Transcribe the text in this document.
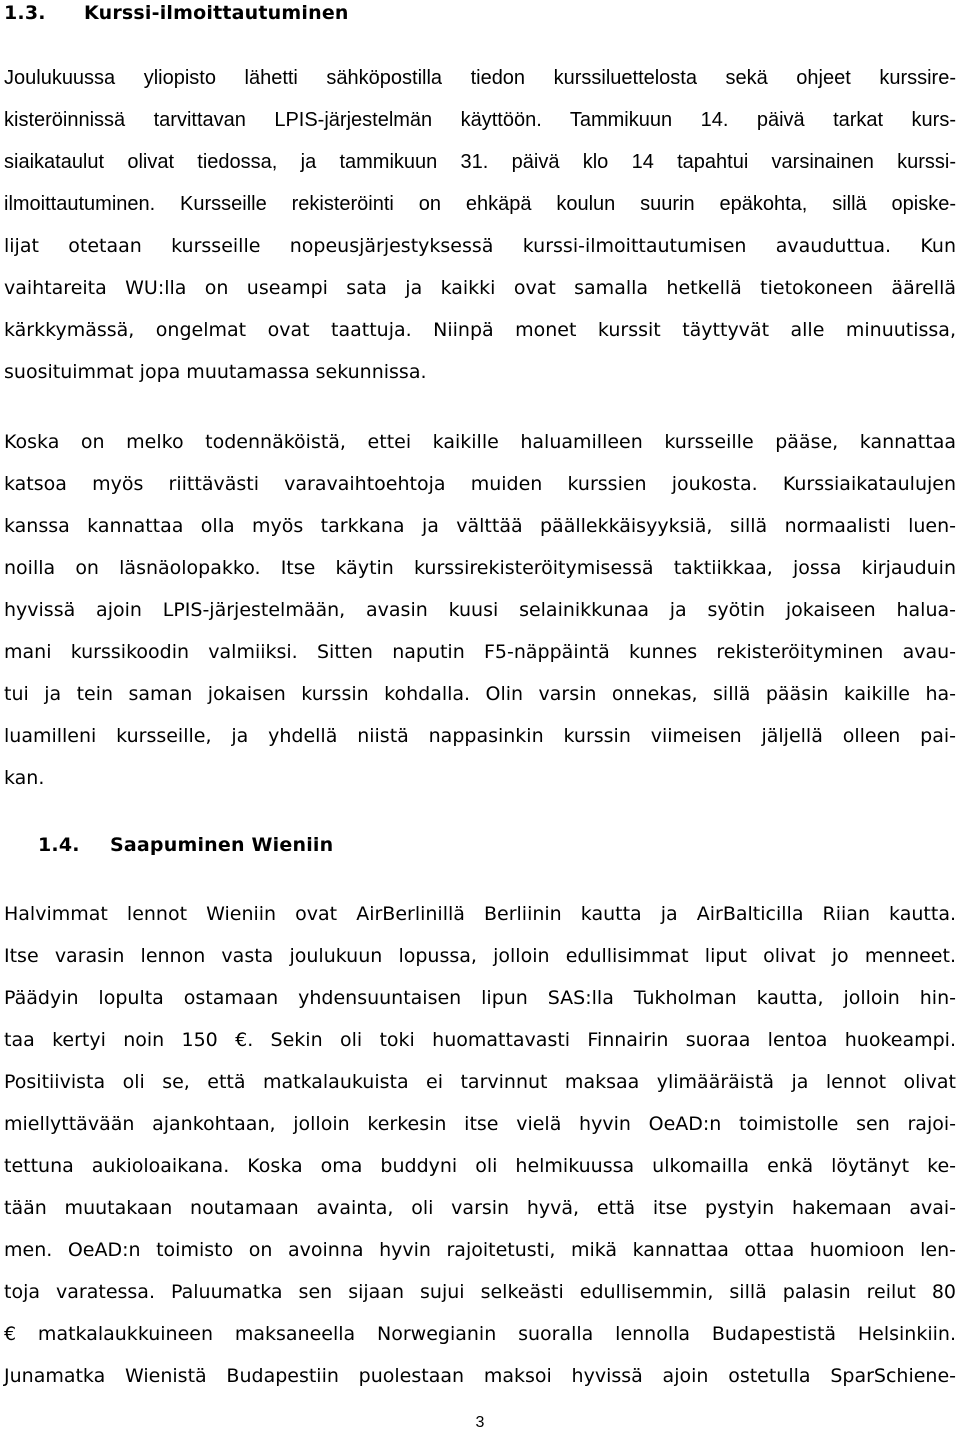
1.3. Kurssi-ilmoittautuminen
Joulukuussa yliopisto lähetti sähköpostilla tiedon kurssiluettelosta sekä ohjeet kurssire-
kisteröinnissä tarvittavan LPIS-järjestelmän käyttöön. Tammikuun 14. päivä tarkat kurs-
siaikataulut olivat tiedossa, ja tammikuun 31. päivä klo 14 tapahtui varsinainen kurssi-
ilmoittautuminen. Kursseille rekisteröinti on ehkäpä koulun suurin epäkohta, sillä opiske-
lijat otetaan kursseille nopeusjärjestyksessä kurssi-ilmoittautumisen avauduttua. Kun
vaihtareita WU:lla on useampi sata ja kaikki ovat samalla hetkellä tietokoneen äärellä
kärkkymässä, ongelmat ovat taattuja. Niinpä monet kurssit täyttyvät alle minuutissa,
suosituimmat jopa muutamassa sekunnissa.
Koska on melko todennäköistä, ettei kaikille haluamilleen kursseille pääse, kannattaa
katsoa myös riittävästi varavaihtoehtoja muiden kurssien joukosta. Kurssiaikataulujen
kanssa kannattaa olla myös tarkkana ja välttää päällekkäisyyksiä, sillä normaalisti luen-
noilla on läsnäolopakko. Itse käytin kurssirekisteröitymisessä taktiikkaa, jossa kirjauduin
hyvissä ajoin LPIS-järjestelmään, avasin kuusi selainikkunaa ja syötin jokaiseen halua-
mani kurssikoodin valmiiksi. Sitten naputin F5-näppäintä kunnes rekisteröityminen avau-
tui ja tein saman jokaisen kurssin kohdalla. Olin varsin onnekas, sillä pääsin kaikille ha-
luamilleni kursseille, ja yhdellä niistä nappasinkin kurssin viimeisen jäljellä olleen pai-
kan.
1.4. Saapuminen Wieniin
Halvimmat lennot Wieniin ovat AirBerlinillä Berliinin kautta ja AirBalticilla Riian kautta.
Itse varasin lennon vasta joulukuun lopussa, jolloin edullisimmat liput olivat jo menneet.
Päädyin lopulta ostamaan yhdensuuntaisen lipun SAS:lla Tukholman kautta, jolloin hin-
taa kertyi noin 150 €. Sekin oli toki huomattavasti Finnairin suoraa lentoa huokeampi.
Positiivista oli se, että matkalaukuista ei tarvinnut maksaa ylimääräistä ja lennot olivat
miellyttävään ajankohtaan, jolloin kerkesin itse vielä hyvin OeAD:n toimistolle sen rajoi-
tettuna aukioloaikana. Koska oma buddyni oli helmikuussa ulkomailla enkä löytänyt ke-
tään muutakaan noutamaan avainta, oli varsin hyvä, että itse pystyin hakemaan avai-
men. OeAD:n toimisto on avoinna hyvin rajoitetusti, mikä kannattaa ottaa huomioon len-
toja varatessa. Paluumatka sen sijaan sujui selkeästi edullisemmin, sillä palasin reilut 80
€ matkalaukkuineen maksaneella Norwegianin suoralla lennolla Budapestistä Helsinkiin.
Junamatka Wienistä Budapestiin puolestaan maksoi hyvissä ajoin ostetulla SparSchiene-
3
